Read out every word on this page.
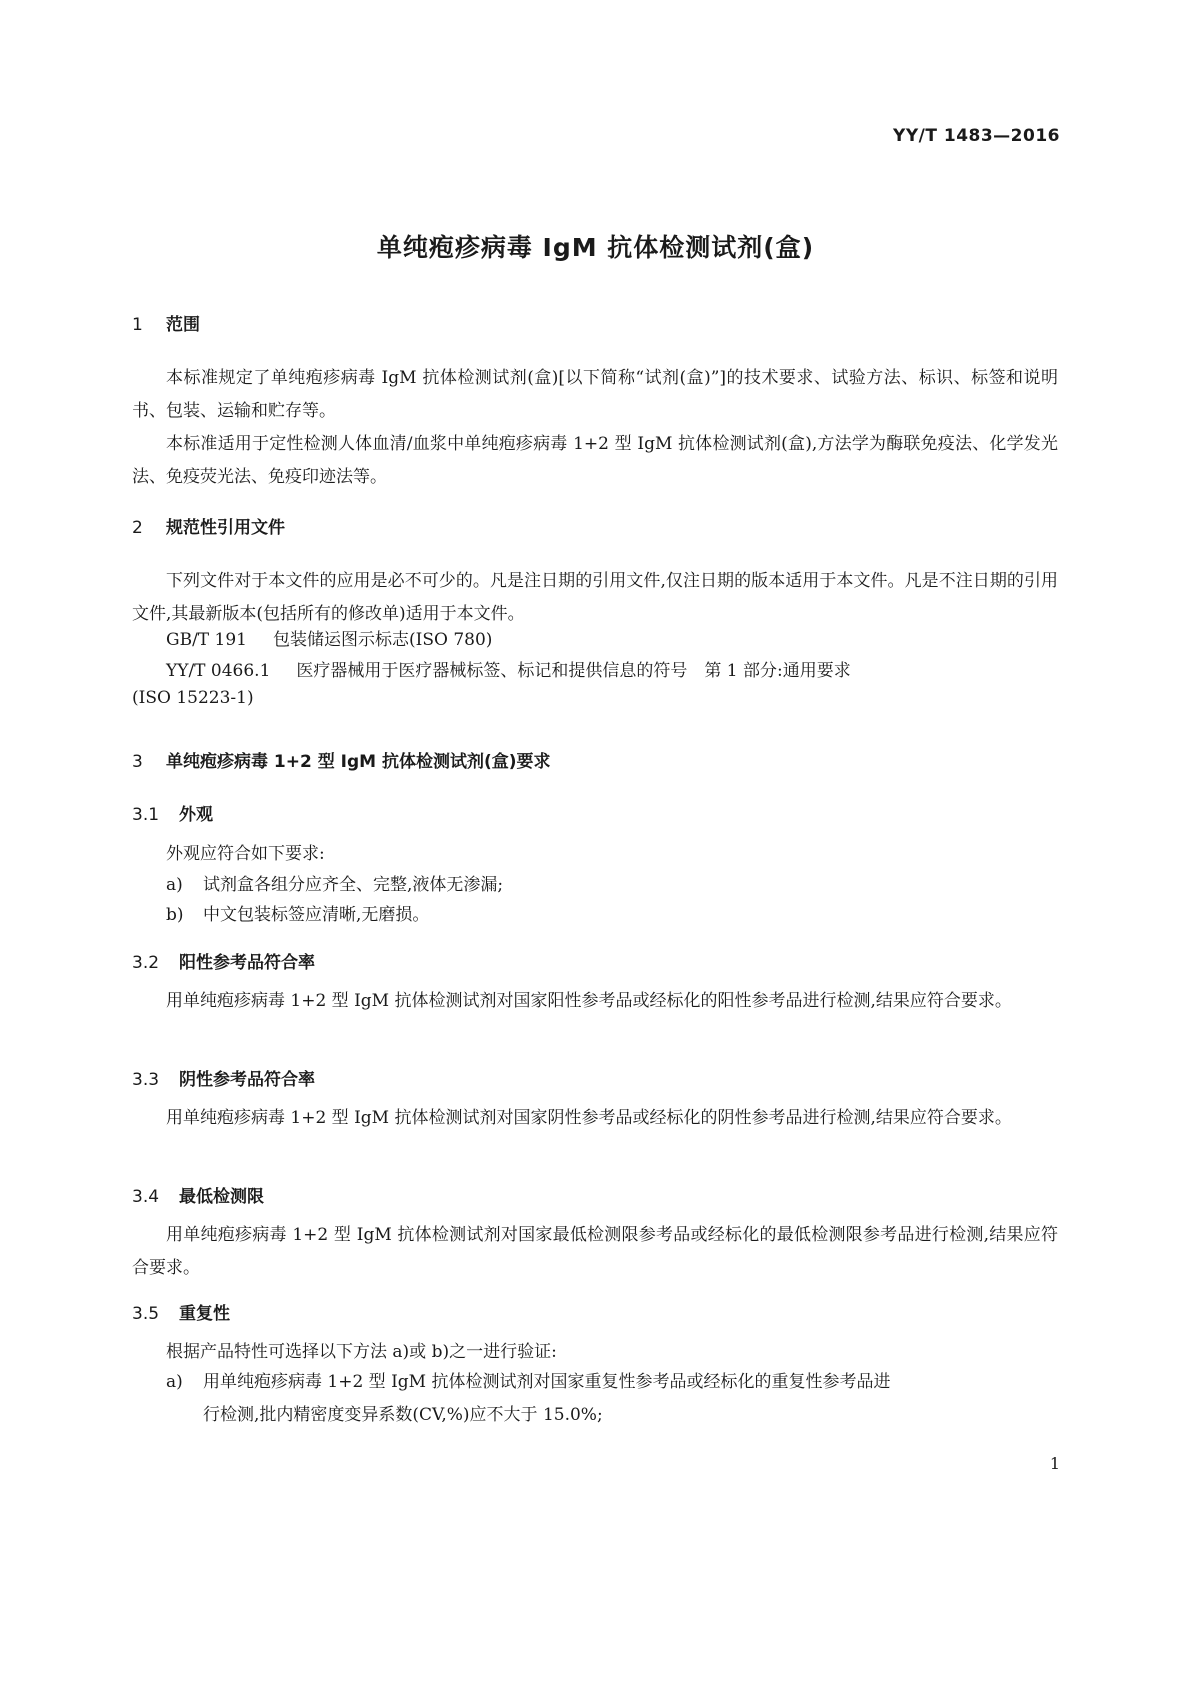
YY/T 1483—2016
单纯疱疹病毒 IgM 抗体检测试剂(盒)
1 范围
本标准规定了单纯疱疹病毒 IgM 抗体检测试剂(盒)[以下简称“试剂(盒)”]的技术要求、试验方法、标识、标签和说明书、包装、运输和贮存等。
本标准适用于定性检测人体血清/血浆中单纯疱疹病毒 1+2 型 IgM 抗体检测试剂(盒),方法学为酶联免疫法、化学发光法、免疫荧光法、免疫印迹法等。
2 规范性引用文件
下列文件对于本文件的应用是必不可少的。凡是注日期的引用文件,仅注日期的版本适用于本文件。凡是不注日期的引用文件,其最新版本(包括所有的修改单)适用于本文件。
GB/T 191 包装储运图示标志(ISO 780)
YY/T 0466.1 医疗器械用于医疗器械标签、标记和提供信息的符号　第 1 部分:通用要求
(ISO 15223-1)
3 单纯疱疹病毒 1+2 型 IgM 抗体检测试剂(盒)要求
3.1 外观
外观应符合如下要求:
a) 试剂盒各组分应齐全、完整,液体无渗漏;
b) 中文包装标签应清晰,无磨损。
3.2 阳性参考品符合率
用单纯疱疹病毒 1+2 型 IgM 抗体检测试剂对国家阳性参考品或经标化的阳性参考品进行检测,结果应符合要求。
3.3 阴性参考品符合率
用单纯疱疹病毒 1+2 型 IgM 抗体检测试剂对国家阴性参考品或经标化的阴性参考品进行检测,结果应符合要求。
3.4 最低检测限
用单纯疱疹病毒 1+2 型 IgM 抗体检测试剂对国家最低检测限参考品或经标化的最低检测限参考品进行检测,结果应符合要求。
3.5 重复性
根据产品特性可选择以下方法 a)或 b)之一进行验证:
a) 用单纯疱疹病毒 1+2 型 IgM 抗体检测试剂对国家重复性参考品或经标化的重复性参考品进
行检测,批内精密度变异系数(CV,%)应不大于 15.0%;
1
